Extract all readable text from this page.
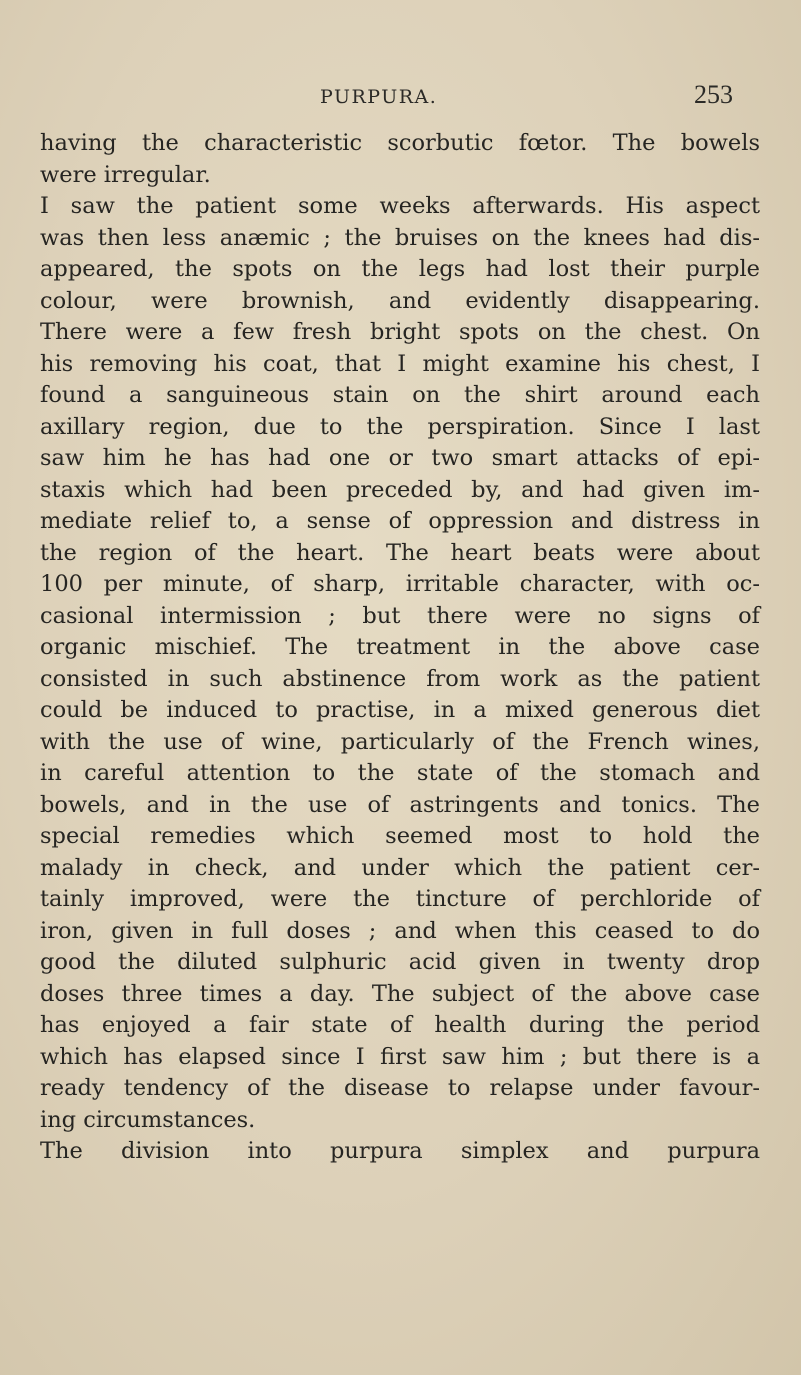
PURPURA.	253
having the characteristic scorbutic fœtor. The bowels
were irregular.
I saw the patient some weeks afterwards. His aspect
was then less anæmic ; the bruises on the knees had dis-
appeared, the spots on the legs had lost their purple
colour, were brownish, and evidently disappearing.
There were a few fresh bright spots on the chest. On
his removing his coat, that I might examine his chest, I
found a sanguineous stain on the shirt around each
axillary region, due to the perspiration. Since I last
saw him he has had one or two smart attacks of epi-
staxis which had been preceded by, and had given im-
mediate relief to, a sense of oppression and distress in
the region of the heart. The heart beats were about
100 per minute, of sharp, irritable character, with oc-
casional intermission ; but there were no signs of
organic mischief. The treatment in the above case
consisted in such abstinence from work as the patient
could be induced to practise, in a mixed generous diet
with the use of wine, particularly of the French wines,
in careful attention to the state of the stomach and
bowels, and in the use of astringents and tonics. The
special remedies which seemed most to hold the
malady in check, and under which the patient cer-
tainly improved, were the tincture of perchloride of
iron, given in full doses ; and when this ceased to do
good the diluted sulphuric acid given in twenty drop
doses three times a day. The subject of the above case
has enjoyed a fair state of health during the period
which has elapsed since I first saw him ; but there is a
ready tendency of the disease to relapse under favour-
ing circumstances.
The division into purpura simplex and purpura
